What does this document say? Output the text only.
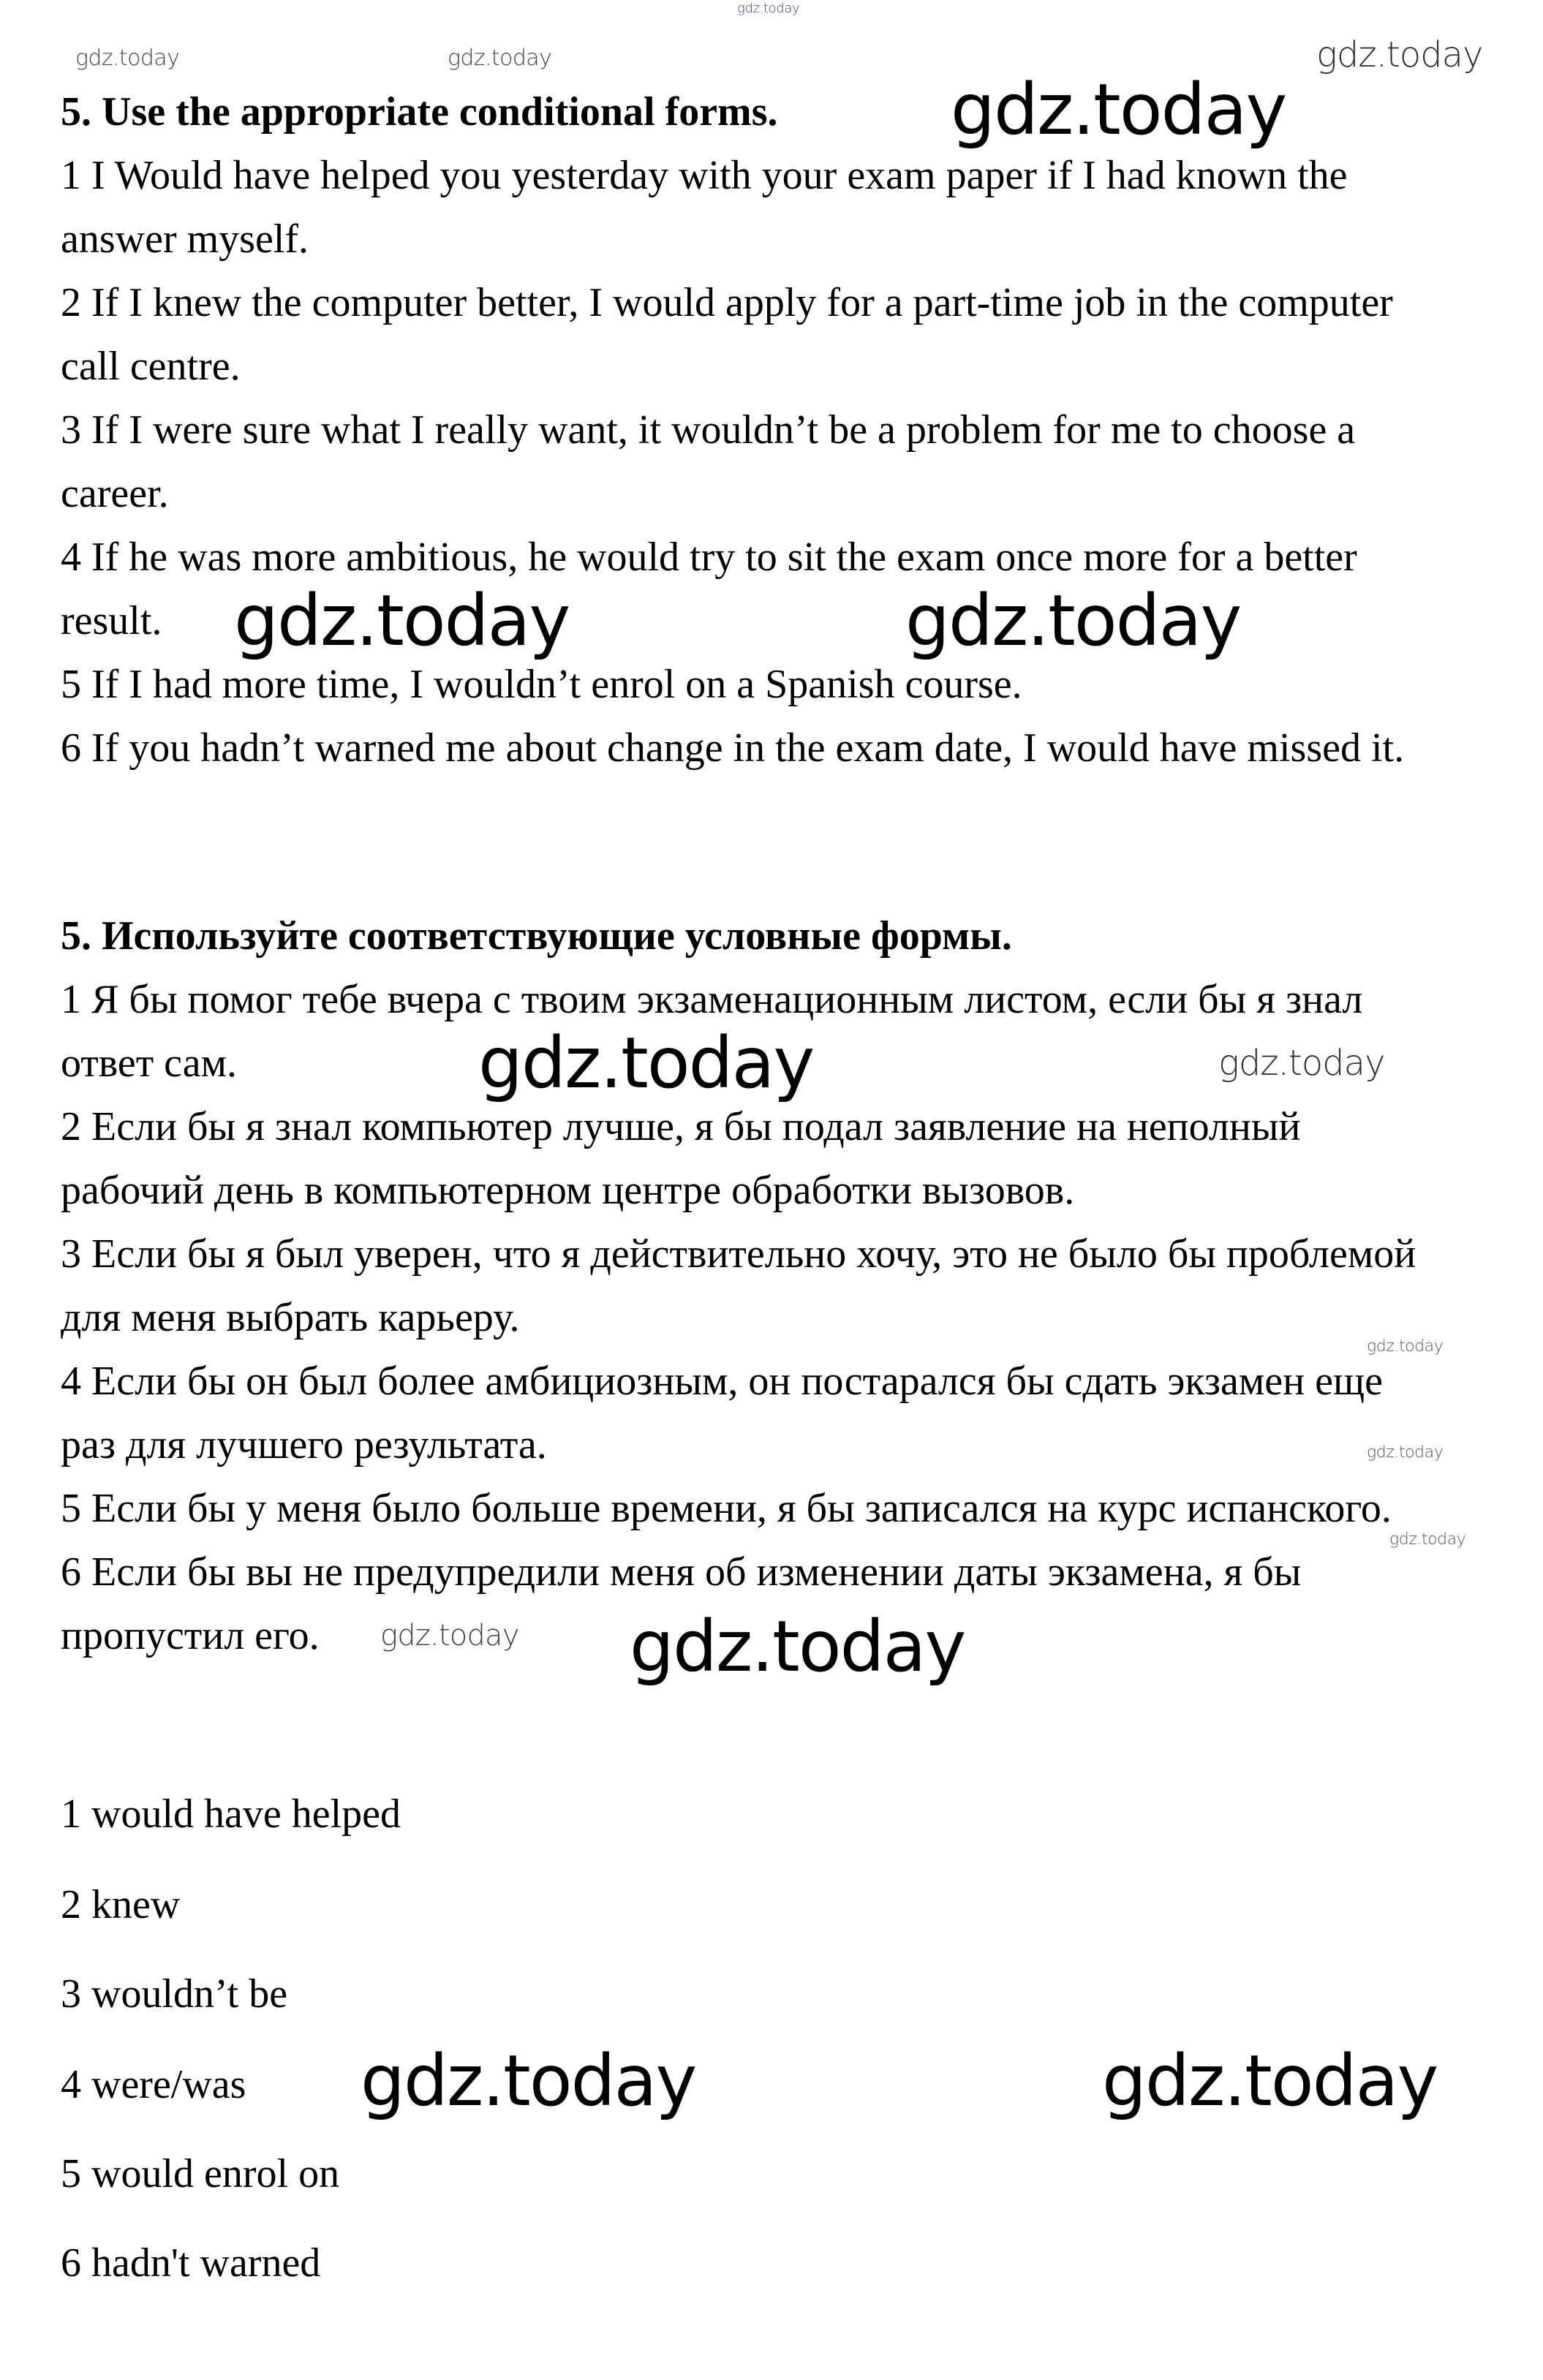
gdz.today
5. Use the appropriate conditional forms.
1 I Would have helped you yesterday with your exam paper if I had known the
answer myself.
2 If I knew the computer better, I would apply for a part-time job in the computer
call centre.
3 If I were sure what I really want, it wouldn’t be a problem for me to choose a
career.
4 If he was more ambitious, he would try to sit the exam once more for a better
result.
5 If I had more time, I wouldn’t enrol on a Spanish course.
6 If you hadn’t warned me about change in the exam date, I would have missed it.
5. Используйте соответствующие условные формы.
1 Я бы помог тебе вчера с твоим экзаменационным листом, если бы я знал
ответ сам.
2 Если бы я знал компьютер лучше, я бы подал заявление на неполный
рабочий день в компьютерном центре обработки вызовов.
3 Если бы я был уверен, что я действительно хочу, это не было бы проблемой
для меня выбрать карьеру.
4 Если бы он был более амбициозным, он постарался бы сдать экзамен еще
раз для лучшего результата.
5 Если бы у меня было больше времени, я бы записался на курс испанского.
6 Если бы вы не предупредили меня об изменении даты экзамена, я бы
пропустил его.
1 would have helped
2 knew
3 wouldn’t be
4 were/was
5 would enrol on
6 hadn't warned
gdz.today	gdz.today
gdz.today
gdz.today
gdz.today	gdz.today
gdz.today	gdz.today
gdz.today
gdz.today
gdz.today
gdz.today gdz.today
gdz.today	gdz.today
